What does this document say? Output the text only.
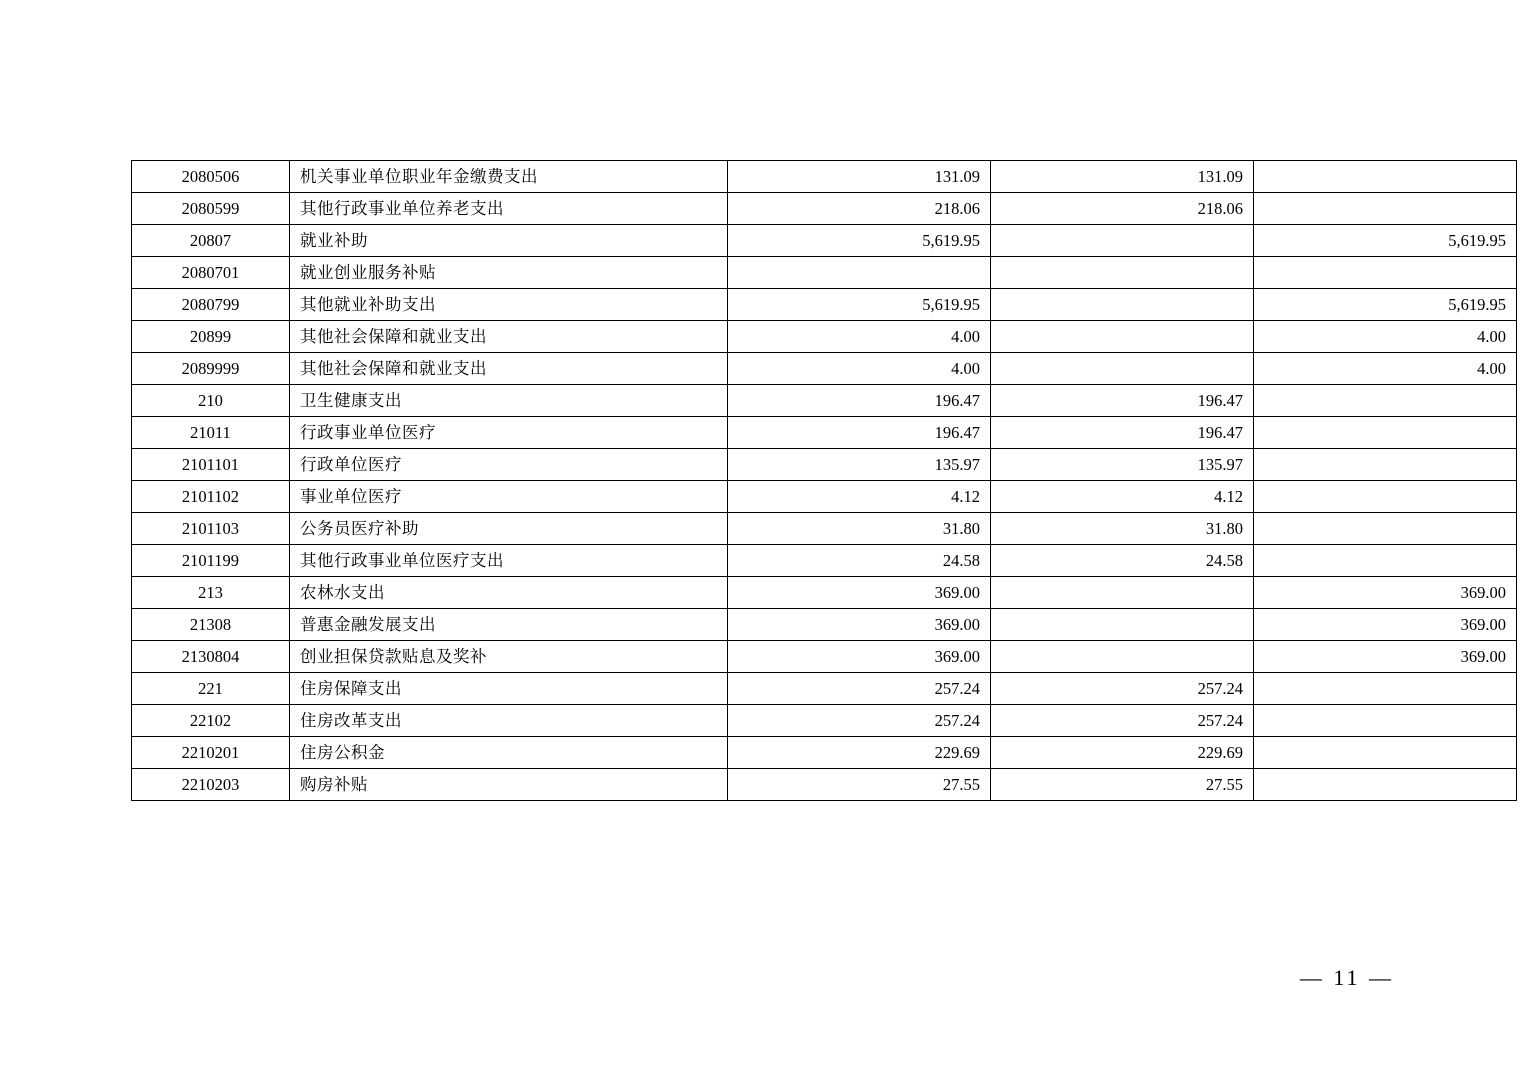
2080506	机关事业单位职业年金缴费支出	131.09	131.09	
2080599	其他行政事业单位养老支出	218.06	218.06	
20807	就业补助	5,619.95		5,619.95
2080701	就业创业服务补贴			
2080799	其他就业补助支出	5,619.95		5,619.95
20899	其他社会保障和就业支出	4.00		4.00
2089999	其他社会保障和就业支出	4.00		4.00
210	卫生健康支出	196.47	196.47	
21011	行政事业单位医疗	196.47	196.47	
2101101	行政单位医疗	135.97	135.97	
2101102	事业单位医疗	4.12	4.12	
2101103	公务员医疗补助	31.80	31.80	
2101199	其他行政事业单位医疗支出	24.58	24.58	
213	农林水支出	369.00		369.00
21308	普惠金融发展支出	369.00		369.00
2130804	创业担保贷款贴息及奖补	369.00		369.00
221	住房保障支出	257.24	257.24	
22102	住房改革支出	257.24	257.24	
2210201	住房公积金	229.69	229.69	
2210203	购房补贴	27.55	27.55	
— 11 —
